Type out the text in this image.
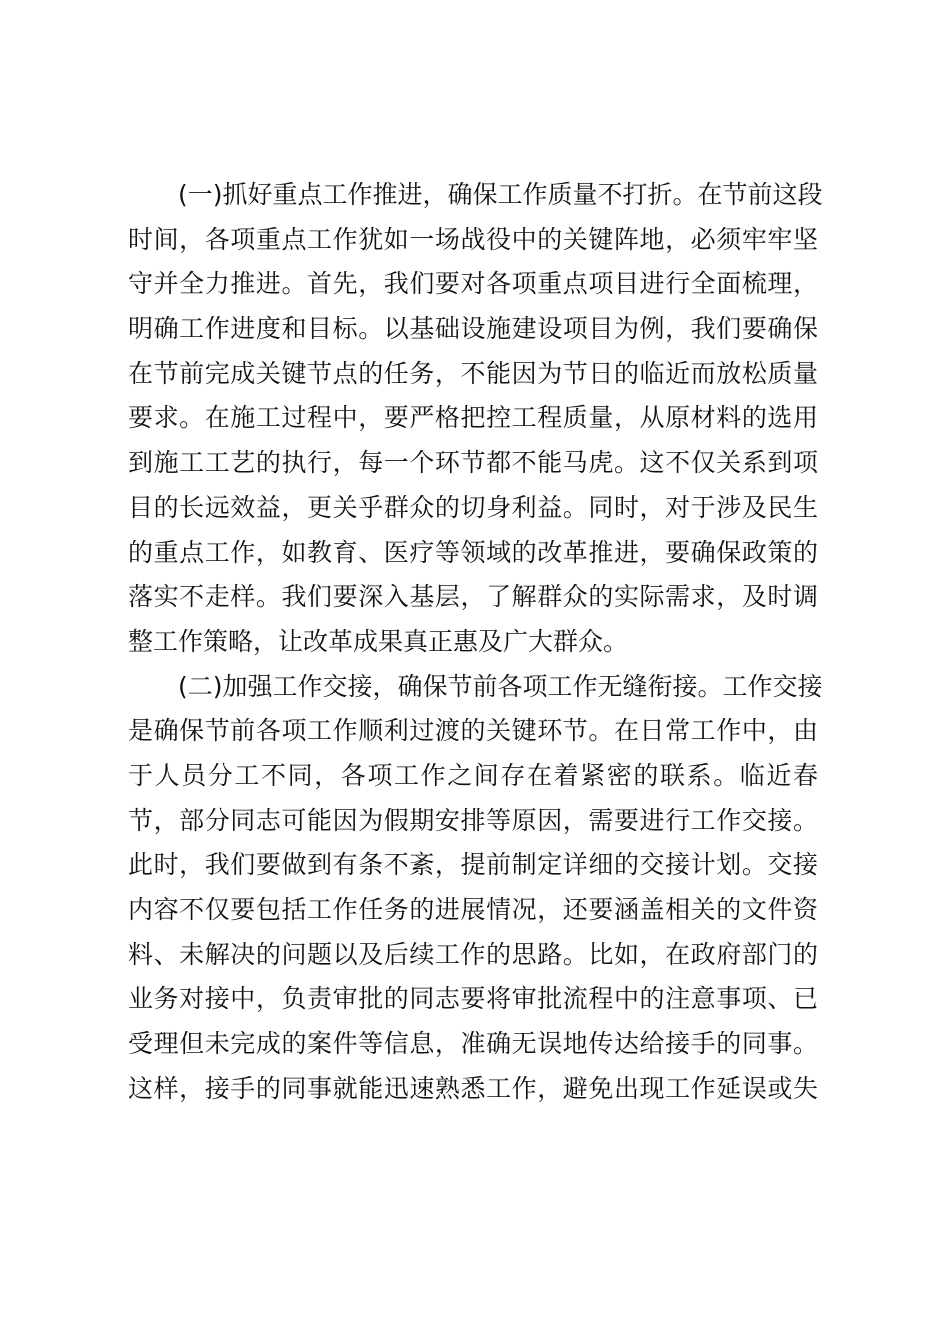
(一)抓好重点工作推进，确保工作质量不打折。在节前这段
时间，各项重点工作犹如一场战役中的关键阵地，必须牢牢坚
守并全力推进。首先，我们要对各项重点项目进行全面梳理，
明确工作进度和目标。以基础设施建设项目为例，我们要确保
在节前完成关键节点的任务，不能因为节日的临近而放松质量
要求。在施工过程中，要严格把控工程质量，从原材料的选用
到施工工艺的执行，每一个环节都不能马虎。这不仅关系到项
目的长远效益，更关乎群众的切身利益。同时，对于涉及民生
的重点工作，如教育、医疗等领域的改革推进，要确保政策的
落实不走样。我们要深入基层，了解群众的实际需求，及时调
整工作策略，让改革成果真正惠及广大群众。
(二)加强工作交接，确保节前各项工作无缝衔接。工作交接
是确保节前各项工作顺利过渡的关键环节。在日常工作中，由
于人员分工不同，各项工作之间存在着紧密的联系。临近春
节，部分同志可能因为假期安排等原因，需要进行工作交接。
此时，我们要做到有条不紊，提前制定详细的交接计划。交接
内容不仅要包括工作任务的进展情况，还要涵盖相关的文件资
料、未解决的问题以及后续工作的思路。比如，在政府部门的
业务对接中，负责审批的同志要将审批流程中的注意事项、已
受理但未完成的案件等信息，准确无误地传达给接手的同事。
这样，接手的同事就能迅速熟悉工作，避免出现工作延误或失
